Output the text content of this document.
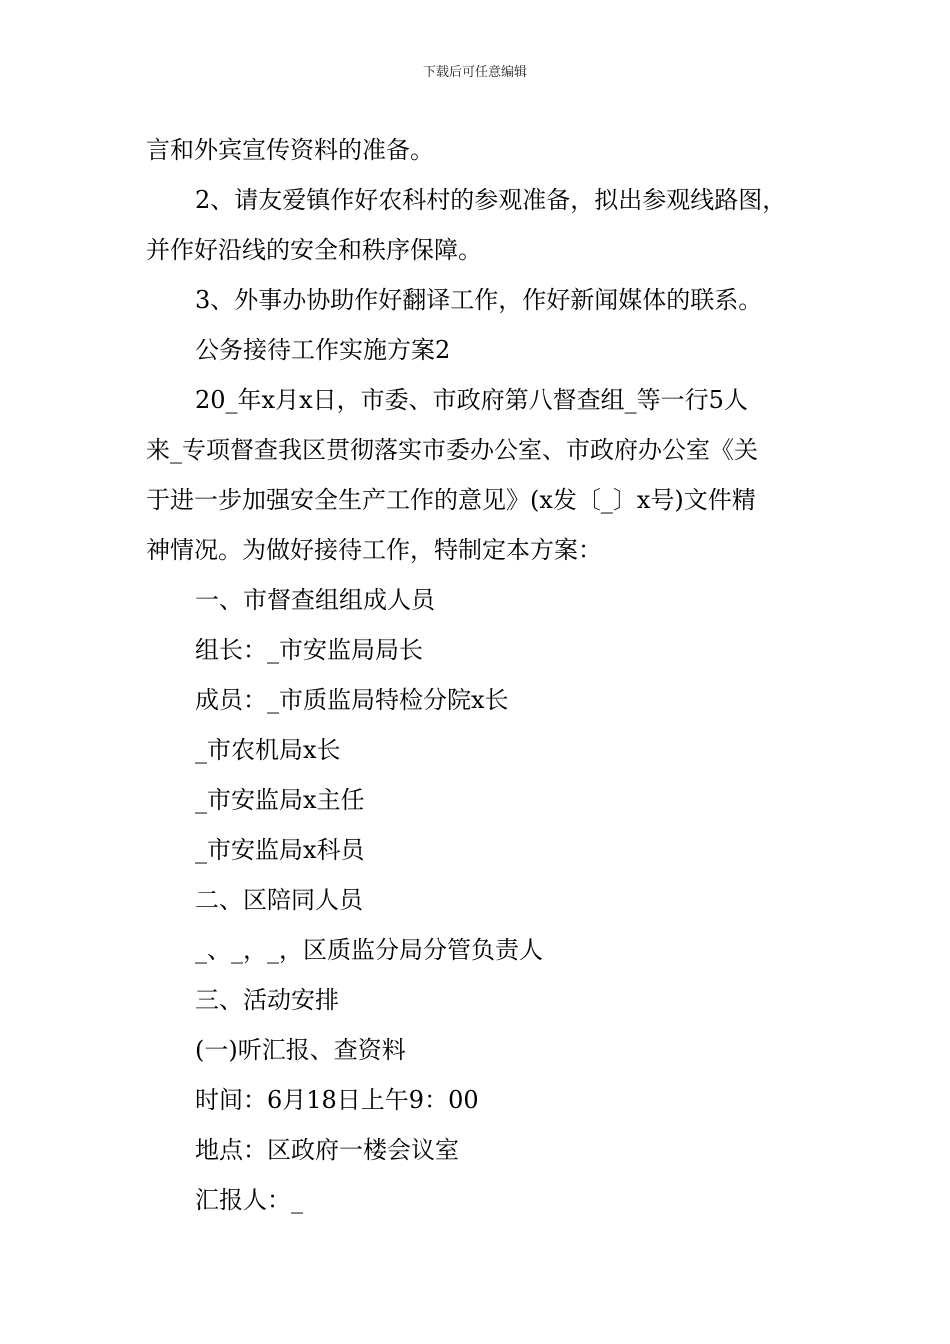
下载后可任意编辑
言和外宾宣传资料的准备。
2、请友爱镇作好农科村的参观准备，拟出参观线路图，
并作好沿线的安全和秩序保障。
3、外事办协助作好翻译工作，作好新闻媒体的联系。
公务接待工作实施方案2
20_年x月x日，市委、市政府第八督查组_等一行5人
来_专项督查我区贯彻落实市委办公室、市政府办公室《关
于进一步加强安全生产工作的意见》(x发〔_〕x号)文件精
神情况。为做好接待工作，特制定本方案：
一、市督查组组成人员
组长：_市安监局局长
成员：_市质监局特检分院x长
_市农机局x长
_市安监局x主任
_市安监局x科员
二、区陪同人员
_、_，_，区质监分局分管负责人
三、活动安排
(一)听汇报、查资料
时间：6月18日上午9：00
地点：区政府一楼会议室
汇报人：_
